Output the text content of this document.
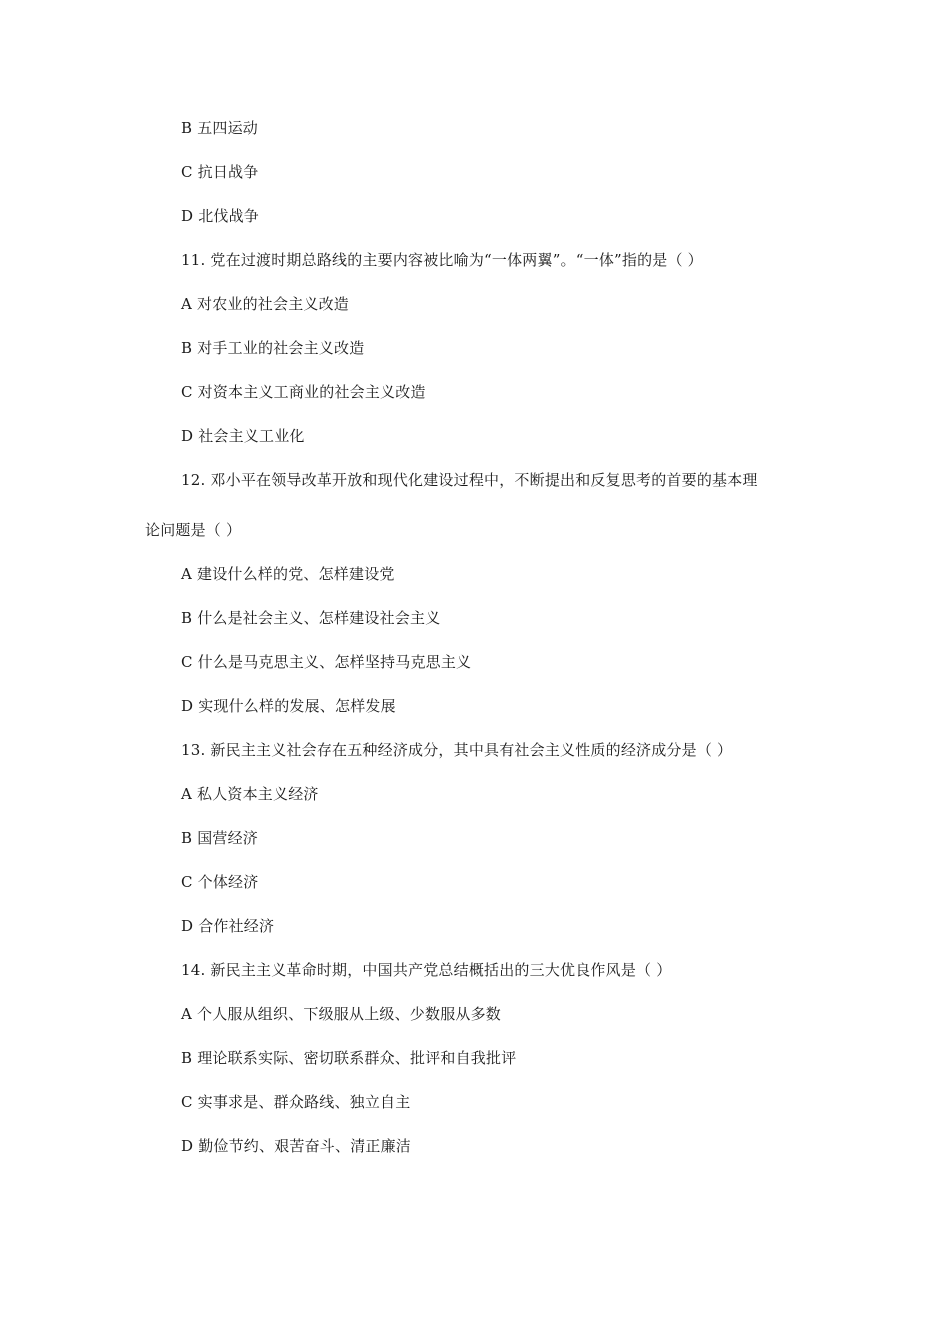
B 五四运动
C 抗日战争
D 北伐战争
11. 党在过渡时期总路线的主要内容被比喻为“一体两翼”。“一体”指的是（ ）
A 对农业的社会主义改造
B 对手工业的社会主义改造
C 对资本主义工商业的社会主义改造
D 社会主义工业化
12. 邓小平在领导改革开放和现代化建设过程中，不断提出和反复思考的首要的基本理
论问题是（ ）
A 建设什么样的党、怎样建设党
B 什么是社会主义、怎样建设社会主义
C 什么是马克思主义、怎样坚持马克思主义
D 实现什么样的发展、怎样发展
13. 新民主主义社会存在五种经济成分，其中具有社会主义性质的经济成分是（ ）
A 私人资本主义经济
B 国营经济
C 个体经济
D 合作社经济
14. 新民主主义革命时期，中国共产党总结概括出的三大优良作风是（ ）
A 个人服从组织、下级服从上级、少数服从多数
B 理论联系实际、密切联系群众、批评和自我批评
C 实事求是、群众路线、独立自主
D 勤俭节约、艰苦奋斗、清正廉洁
